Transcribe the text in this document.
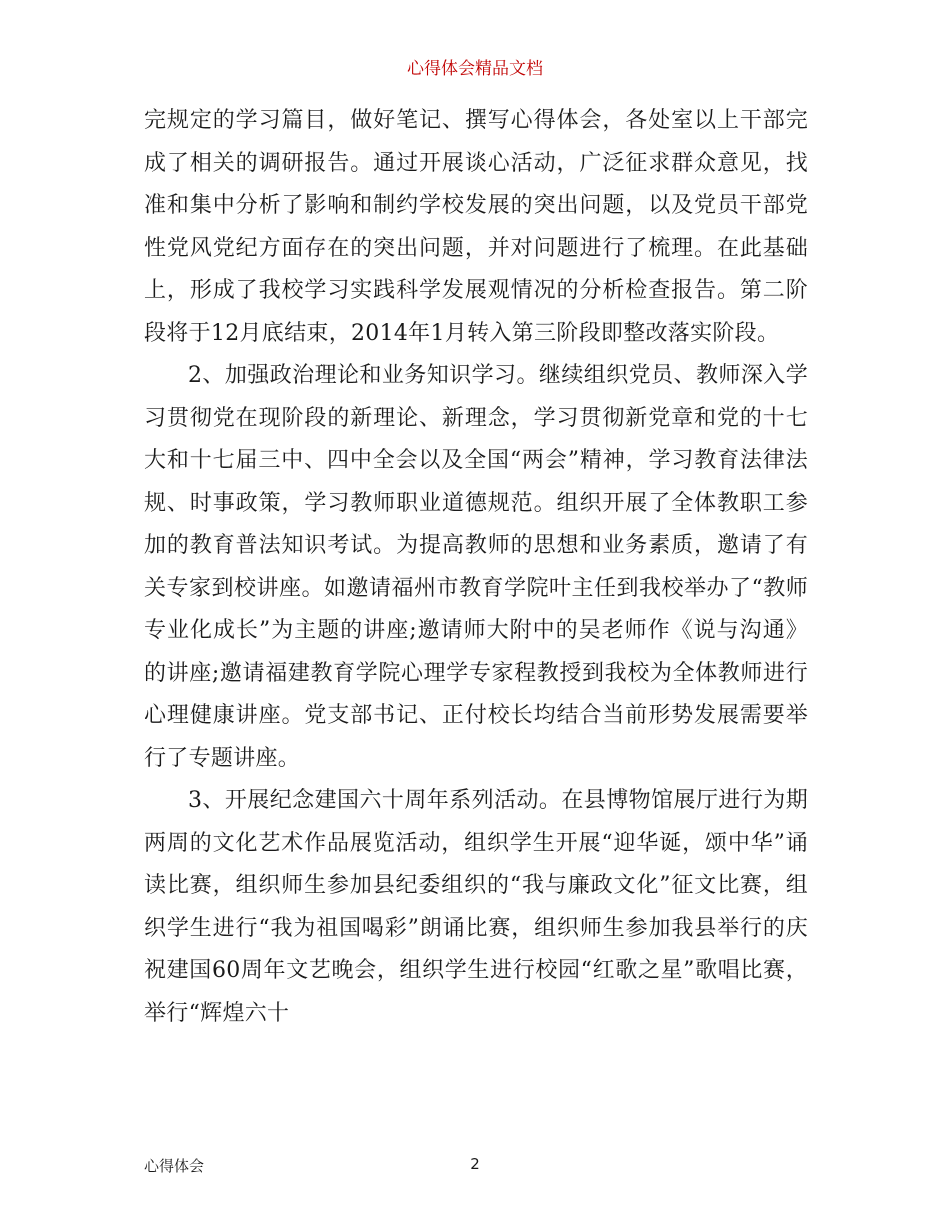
心得体会精品文档

完规定的学习篇目，做好笔记、撰写心得体会，各处室以上干部完成了相关的调研报告。通过开展谈心活动，广泛征求群众意见，找准和集中分析了影响和制约学校发展的突出问题，以及党员干部党性党风党纪方面存在的突出问题，并对问题进行了梳理。在此基础上，形成了我校学习实践科学发展观情况的分析检查报告。第二阶段将于12月底结束，2014年1月转入第三阶段即整改落实阶段。

2、加强政治理论和业务知识学习。继续组织党员、教师深入学习贯彻党在现阶段的新理论、新理念，学习贯彻新党章和党的十七大和十七届三中、四中全会以及全国“两会”精神，学习教育法律法规、时事政策，学习教师职业道德规范。组织开展了全体教职工参加的教育普法知识考试。为提高教师的思想和业务素质，邀请了有关专家到校讲座。如邀请福州市教育学院叶主任到我校举办了“教师专业化成长”为主题的讲座;邀请师大附中的吴老师作《说与沟通》的讲座;邀请福建教育学院心理学专家程教授到我校为全体教师进行心理健康讲座。党支部书记、正付校长均结合当前形势发展需要举行了专题讲座。

3、开展纪念建国六十周年系列活动。在县博物馆展厅进行为期两周的文化艺术作品展览活动，组织学生开展“迎华诞，颂中华”诵读比赛，组织师生参加县纪委组织的“我与廉政文化”征文比赛，组织学生进行“我为祖国喝彩”朗诵比赛，组织师生参加我县举行的庆祝建国60周年文艺晚会，组织学生进行校园“红歌之星”歌唱比赛，举行“辉煌六十

心得体会	2
